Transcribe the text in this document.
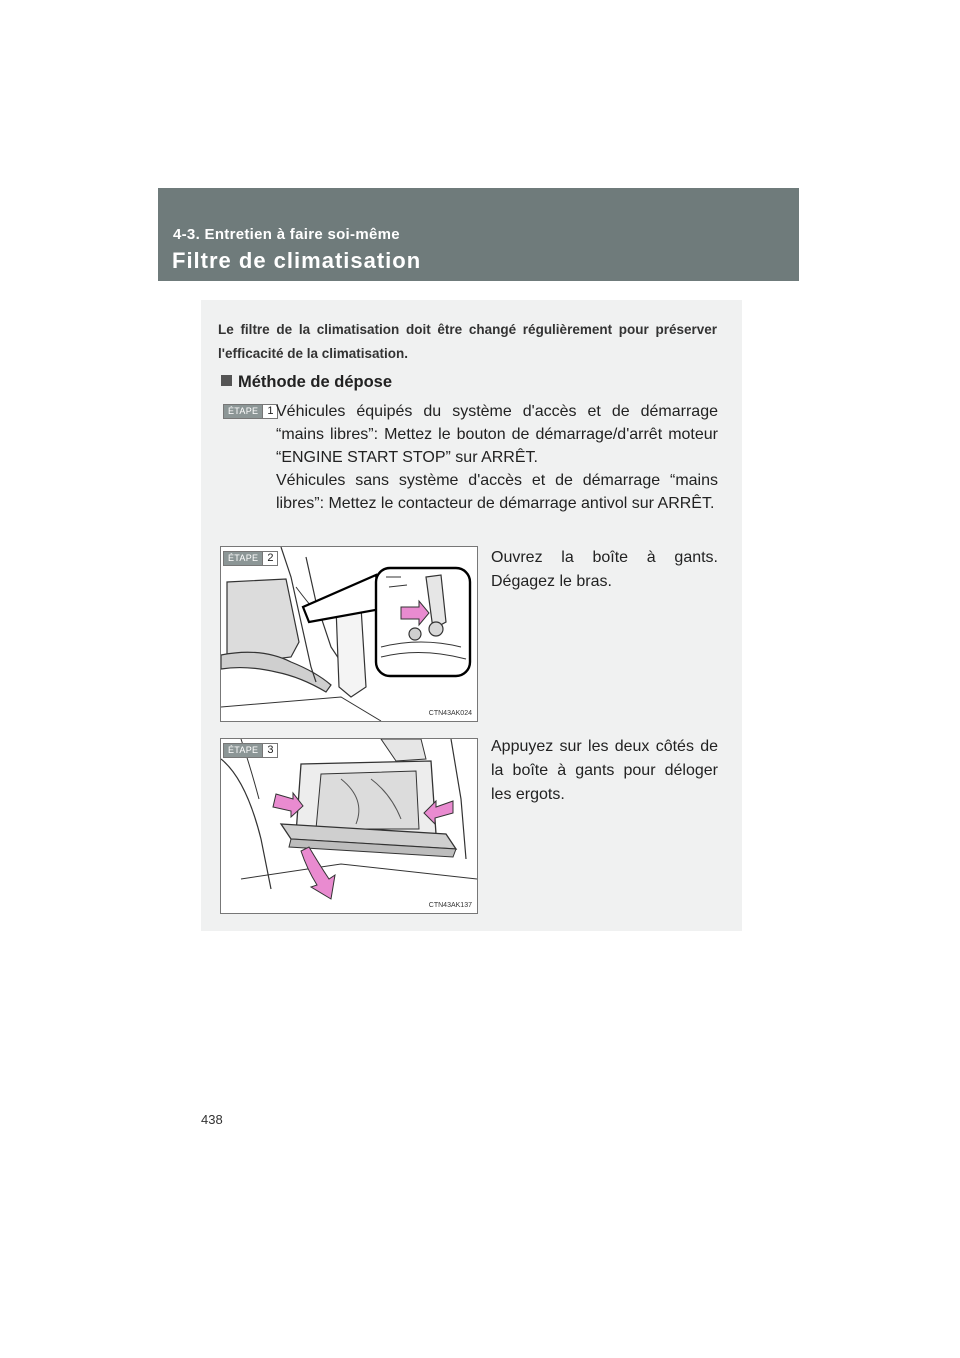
4-3. Entretien à faire soi-même
Filtre de climatisation
Le filtre de la climatisation doit être changé régulièrement pour préserver l'efficacité de la climatisation.
Méthode de dépose
ÉTAPE 1 Véhicules équipés du système d'accès et de démarrage “mains libres”: Mettez le bouton de démarrage/d'arrêt moteur “ENGINE START STOP” sur ARRÊT.

Véhicules sans système d'accès et de démarrage “mains libres”: Mettez le contacteur de démarrage antivol sur ARRÊT.

ÉTAPE 2
CTN43AK024
Ouvrez la boîte à gants. Dégagez le bras.
ÉTAPE 3
CTN43AK137
Appuyez sur les deux côtés de la boîte à gants pour déloger les ergots.
438
